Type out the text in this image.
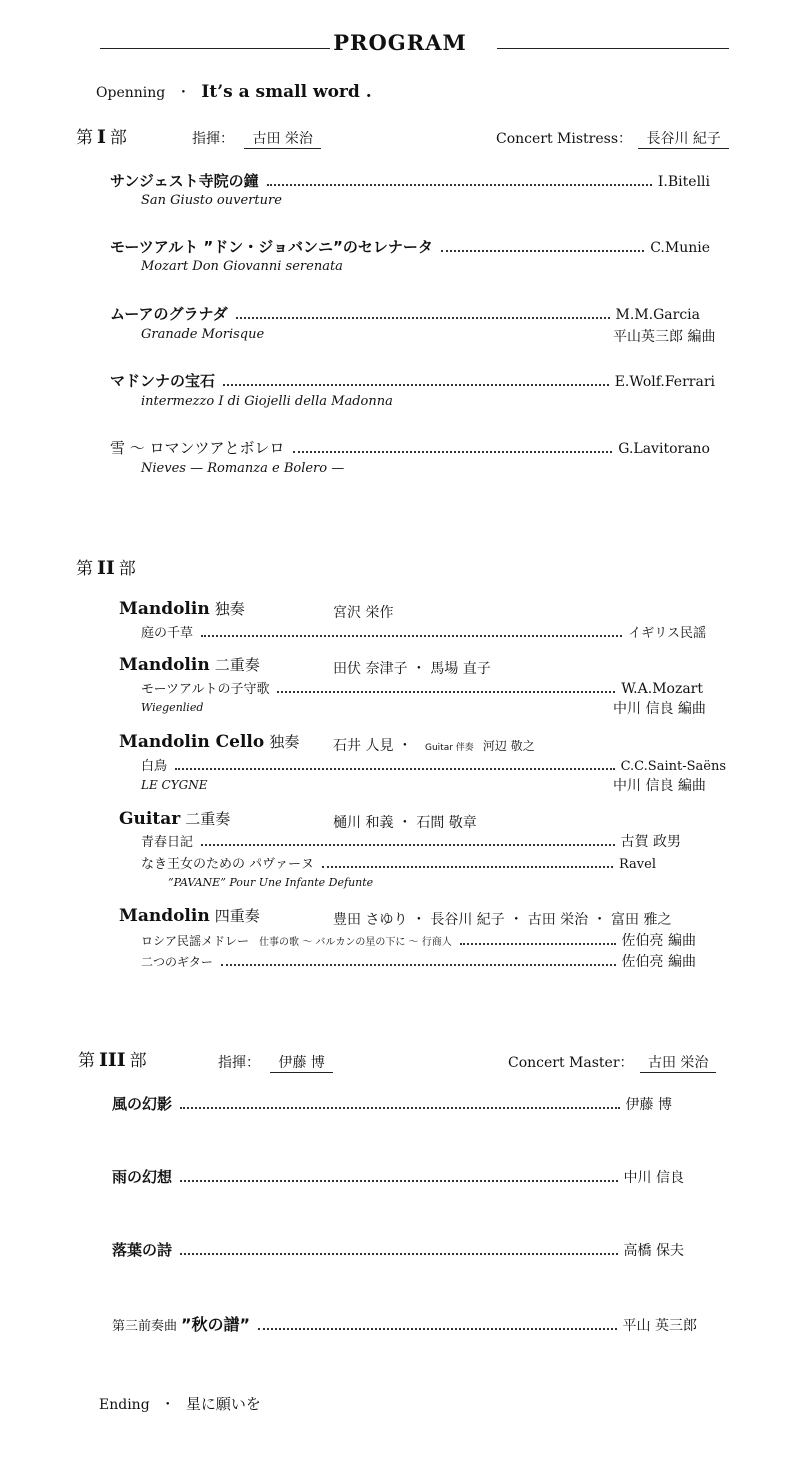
PROGRAM
Openning ・ It’s a small word .
第 I 部	指揮： 古田 栄治	Concert Mistress： 長谷川 紀子
サンジェスト寺院の鐘	I.Bitelli
San Giusto ouverture
モーツアルト ”ドン・ジョバンニ”のセレナータ	C.Munie
Mozart Don Giovanni serenata
ムーアのグラナダ	M.M.Garcia
Granade Morisque	平山英三郎 編曲
マドンナの宝石	E.Wolf.Ferrari
intermezzo I di Giojelli della Madonna
雪 ～ ロマンツアとボレロ	G.Lavitorano
Nieves — Romanza e Bolero —
第 II 部
Mandolin 独奏	宮沢 栄作
庭の千草	イギリス民謡
Mandolin 二重奏	田伏 奈津子 ・ 馬場 直子
モーツアルトの子守歌	W.A.Mozart
Wiegenlied	中川 信良 編曲
Mandolin Cello 独奏 石井 人見 ・ Guitar 伴奏 河辺 敬之
白鳥	C.C.Saint-Saëns
LE CYGNE	中川 信良 編曲
Guitar 二重奏	樋川 和義 ・ 石間 敬章
青春日記	古賀 政男
なき王女のための パヴァーヌ	Ravel
”PAVANE” Pour Une Infante Defunte
Mandolin 四重奏	豊田 さゆり ・ 長谷川 紀子 ・ 古田 栄治 ・ 富田 雅之
ロシア民謡メドレー 仕事の歌 ～ バルカンの星の下に ～ 行商人	佐伯亮 編曲
二つのギター	佐伯亮 編曲
第 III 部	指揮： 伊藤 博	Concert Master： 古田 栄治
風の幻影	伊藤 博
雨の幻想	中川 信良
落葉の詩	高橋 保夫
第三前奏曲 ”秋の譜”	平山 英三郎
Ending ・ 星に願いを
